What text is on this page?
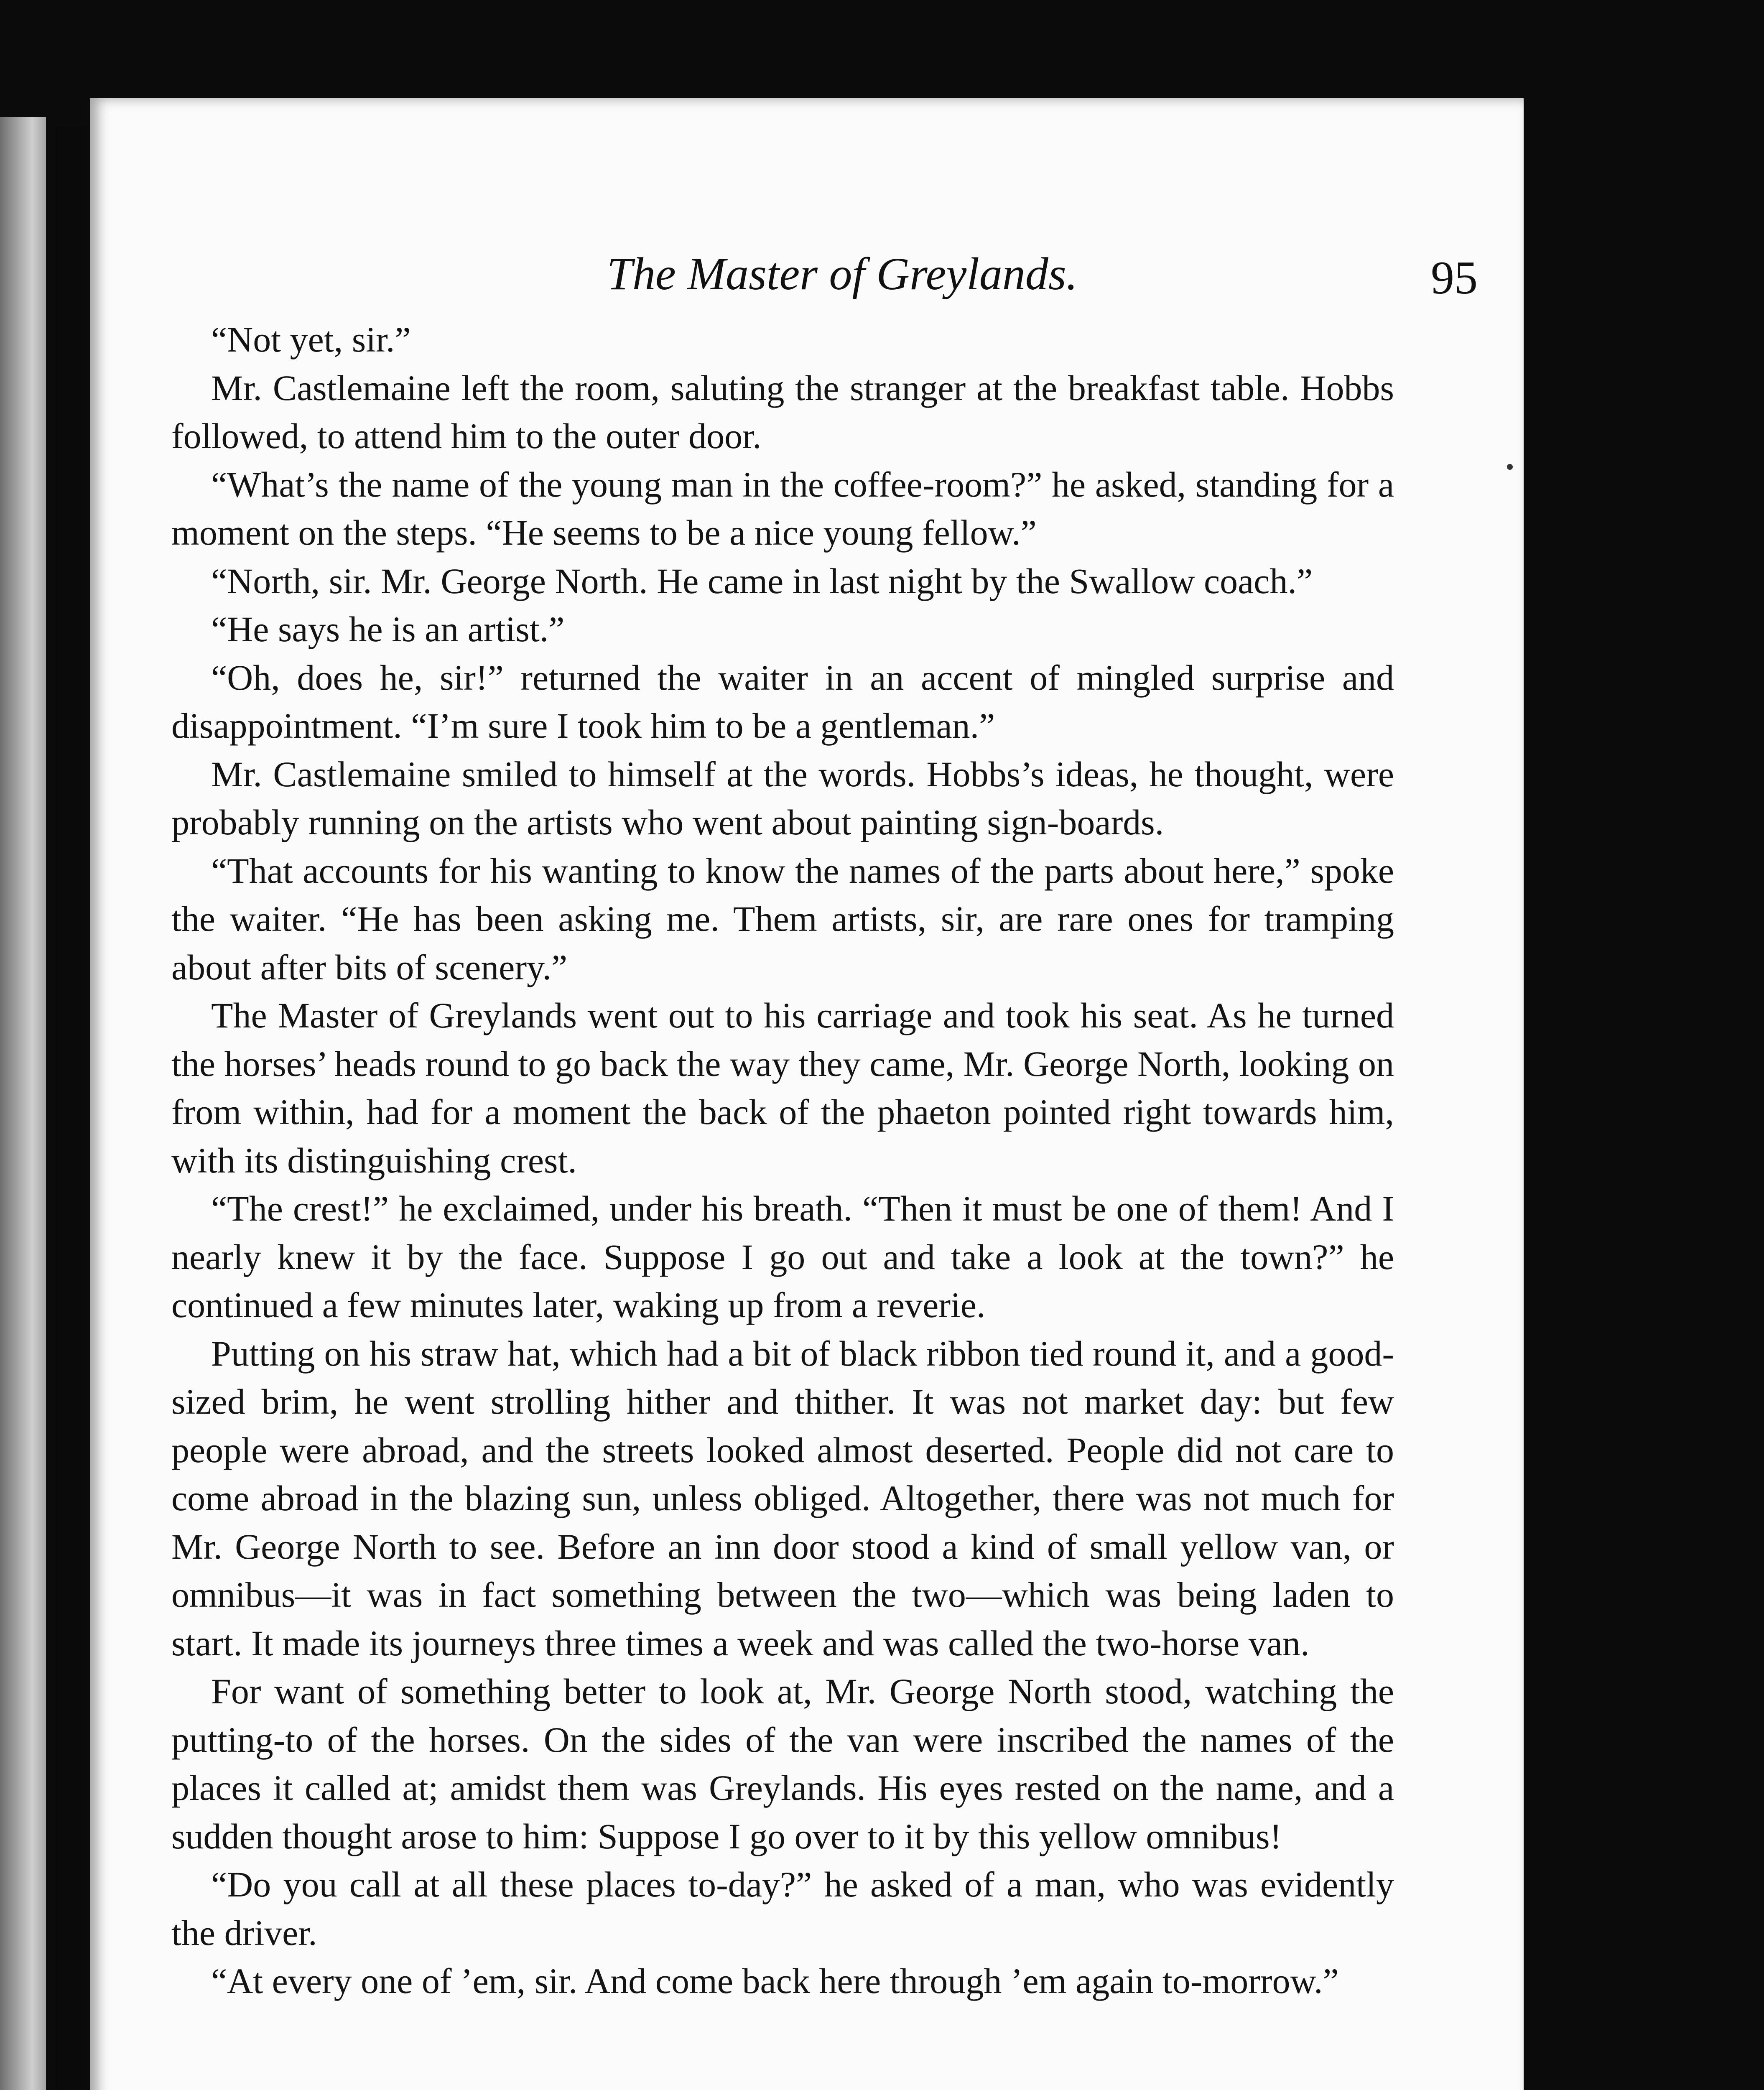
The Master of Greylands.	95

“Not yet, sir.”

Mr. Castlemaine left the room, saluting the stranger at the breakfast table. Hobbs followed, to attend him to the outer door.

“What’s the name of the young man in the coffee-room?” he asked, standing for a moment on the steps. “He seems to be a nice young fellow.”

“North, sir. Mr. George North. He came in last night by the Swallow coach.”

“He says he is an artist.”

“Oh, does he, sir!” returned the waiter in an accent of mingled surprise and disappointment. “I’m sure I took him to be a gentleman.”

Mr. Castlemaine smiled to himself at the words. Hobbs’s ideas, he thought, were probably running on the artists who went about painting sign-boards.

“That accounts for his wanting to know the names of the parts about here,” spoke the waiter. “He has been asking me. Them artists, sir, are rare ones for tramping about after bits of scenery.”

The Master of Greylands went out to his carriage and took his seat. As he turned the horses’ heads round to go back the way they came, Mr. George North, looking on from within, had for a moment the back of the phaeton pointed right towards him, with its distinguishing crest.

“The crest!” he exclaimed, under his breath. “Then it must be one of them! And I nearly knew it by the face. Suppose I go out and take a look at the town?” he continued a few minutes later, waking up from a reverie.

Putting on his straw hat, which had a bit of black ribbon tied round it, and a good-sized brim, he went strolling hither and thither. It was not market day: but few people were abroad, and the streets looked almost deserted. People did not care to come abroad in the blazing sun, unless obliged. Altogether, there was not much for Mr. George North to see. Before an inn door stood a kind of small yellow van, or omnibus—it was in fact something between the two—which was being laden to start. It made its journeys three times a week and was called the two-horse van.

For want of something better to look at, Mr. George North stood, watching the putting-to of the horses. On the sides of the van were inscribed the names of the places it called at; amidst them was Greylands. His eyes rested on the name, and a sudden thought arose to him: Suppose I go over to it by this yellow omnibus!

“Do you call at all these places to-day?” he asked of a man, who was evidently the driver.

“At every one of ’em, sir. And come back here through ’em again to-morrow.”
